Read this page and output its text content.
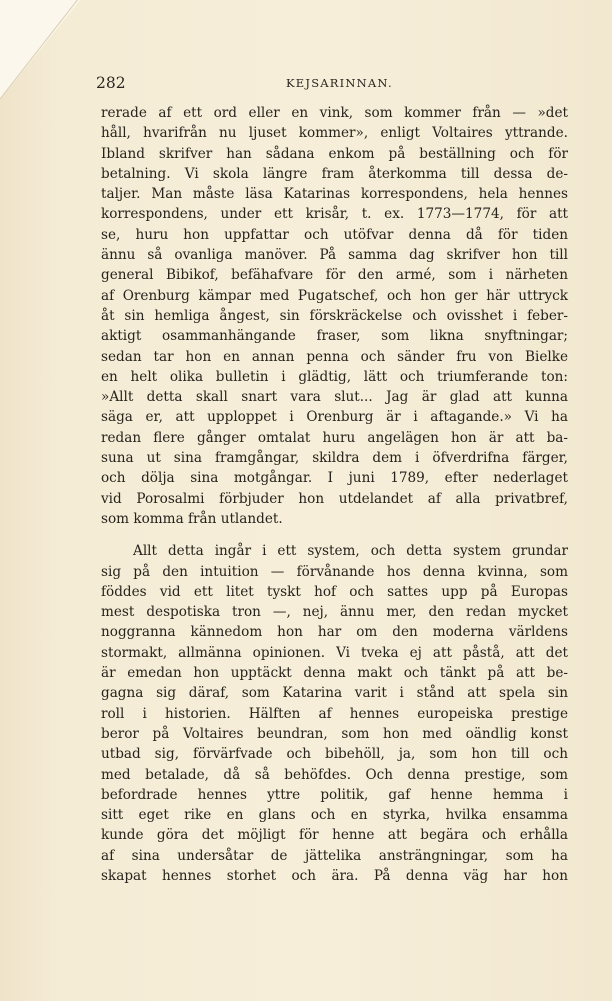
282	KEJSARINNAN.

rerade af ett ord eller en vink, som kommer från — »det
håll, hvarifrån nu ljuset kommer», enligt Voltaires yttrande.
Ibland skrifver han sådana enkom på beställning och för
betalning. Vi skola längre fram återkomma till dessa de-
taljer. Man måste läsa Katarinas korrespondens, hela hennes
korrespondens, under ett krisår, t. ex. 1773—1774, för att
se, huru hon uppfattar och utöfvar denna då för tiden
ännu så ovanliga manöver. På samma dag skrifver hon till
general Bibikof, befähafvare för den armé, som i närheten
af Orenburg kämpar med Pugatschef, och hon ger här uttryck
åt sin hemliga ångest, sin förskräckelse och ovisshet i feber-
aktigt osammanhängande fraser, som likna snyftningar;
sedan tar hon en annan penna och sänder fru von Bielke
en helt olika bulletin i glädtig, lätt och triumferande ton:
»Allt detta skall snart vara slut... Jag är glad att kunna
säga er, att upploppet i Orenburg är i aftagande.» Vi ha
redan flere gånger omtalat huru angelägen hon är att ba-
suna ut sina framgångar, skildra dem i öfverdrifna färger,
och dölja sina motgångar. I juni 1789, efter nederlaget
vid Porosalmi förbjuder hon utdelandet af alla privatbref,
som komma från utlandet.

Allt detta ingår i ett system, och detta system grundar
sig på den intuition — förvånande hos denna kvinna, som
föddes vid ett litet tyskt hof och sattes upp på Europas
mest despotiska tron —, nej, ännu mer, den redan mycket
noggranna kännedom hon har om den moderna världens
stormakt, allmänna opinionen. Vi tveka ej att påstå, att det
är emedan hon upptäckt denna makt och tänkt på att be-
gagna sig däraf, som Katarina varit i stånd att spela sin
roll i historien. Hälften af hennes europeiska prestige
beror på Voltaires beundran, som hon med oändlig konst
utbad sig, förvärfvade och bibehöll, ja, som hon till och
med betalade, då så behöfdes. Och denna prestige, som
befordrade hennes yttre politik, gaf henne hemma i
sitt eget rike en glans och en styrka, hvilka ensamma
kunde göra det möjligt för henne att begära och erhålla
af sina undersåtar de jättelika ansträngningar, som ha
skapat hennes storhet och ära. På denna väg har hon
